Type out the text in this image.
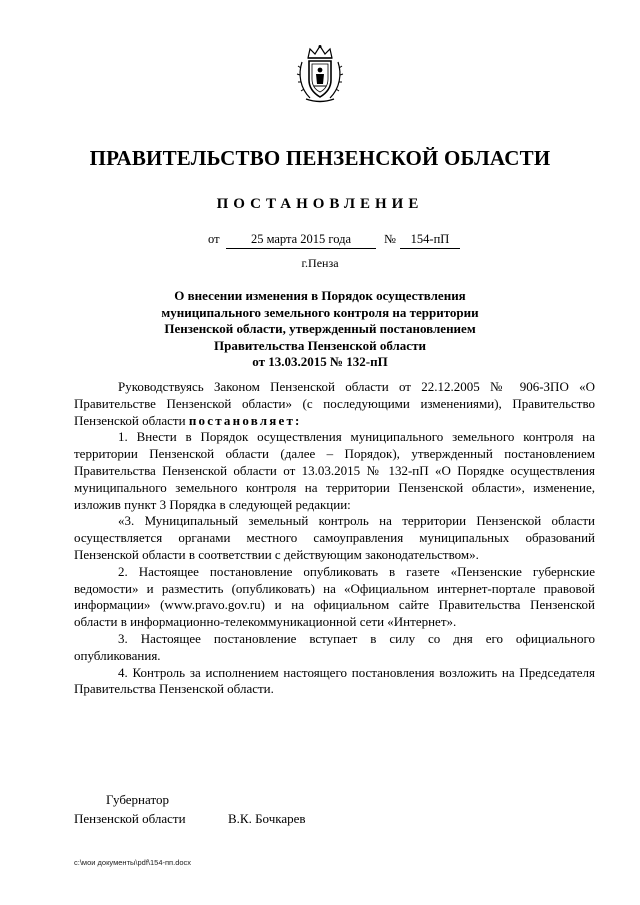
ПРАВИТЕЛЬСТВО ПЕНЗЕНСКОЙ ОБЛАСТИ
ПОСТАНОВЛЕНИЕ
от	25 марта 2015 года	№	154-пП
г.Пенза
О внесении изменения в Порядок осуществления
муниципального земельного контроля на территории
Пензенской области, утвержденный постановлением
Правительства Пензенской области
от 13.03.2015 № 132-пП

Руководствуясь Законом Пензенской области от 22.12.2005 № 906-ЗПО «О Правительстве Пензенской области» (с последующими изменениями), Правительство Пензенской области постановляет:

1. Внести в Порядок осуществления муниципального земельного контроля на территории Пензенской области (далее – Порядок), утвержденный постановлением Правительства Пензенской области от 13.03.2015 № 132-пП «О Порядке осуществления муниципального земельного контроля на территории Пензенской области», изменение, изложив пункт 3 Порядка в следующей редакции:

«3. Муниципальный земельный контроль на территории Пензенской области осуществляется органами местного самоуправления муниципальных образований Пензенской области в соответствии с действующим законодательством».

2. Настоящее постановление опубликовать в газете «Пензенские губернские ведомости» и разместить (опубликовать) на «Официальном интернет-портале правовой информации» (www.pravo.gov.ru) и на официальном сайте Правительства Пензенской области в информационно-телекоммуникационной сети «Интернет».

3. Настоящее постановление вступает в силу со дня его официального опубликования.

4. Контроль за исполнением настоящего постановления возложить на Председателя Правительства Пензенской области.

Губернатор
Пензенской области	В.К. Бочкарев
c:\мои документы\pdf\154-пп.docx
